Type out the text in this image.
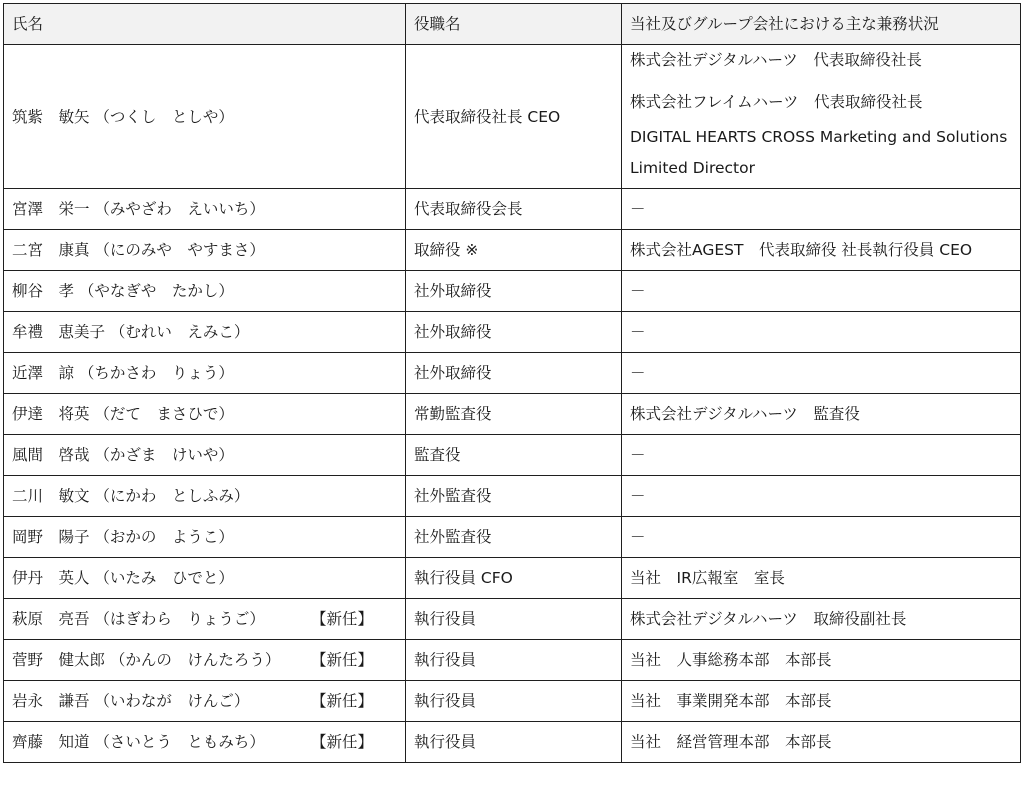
氏名	役職名	当社及びグループ会社における主な兼務状況
筑紫　敏矢 （つくし　としや）	代表取締役社長 CEO	株式会社デジタルハーツ　代表取締役社長
株式会社フレイムハーツ　代表取締役社長
DIGITAL HEARTS CROSS Marketing and Solutions Limited Director

宮澤　栄一 （みやざわ　えいいち）	代表取締役会長	－
二宮　康真 （にのみや　やすまさ）	取締役 ※	株式会社AGEST　代表取締役 社長執行役員 CEO
柳谷　孝 （やなぎや　たかし）	社外取締役	－
牟禮　恵美子 （むれい　えみこ）	社外取締役	－
近澤　諒 （ちかさわ　りょう）	社外取締役	－
伊達　将英 （だて　まさひで）	常勤監査役	株式会社デジタルハーツ　監査役
風間　啓哉 （かざま　けいや）	監査役	－
二川　敏文 （にかわ　としふみ）	社外監査役	－
岡野　陽子 （おかの　ようこ）	社外監査役	－
伊丹　英人 （いたみ　ひでと）	執行役員 CFO	当社　IR広報室　室長
萩原　亮吾 （はぎわら　りょうご） 【新任】	執行役員	株式会社デジタルハーツ　取締役副社長
菅野　健太郎 （かんの　けんたろう） 【新任】	執行役員	当社　人事総務本部　本部長
岩永　謙吾 （いわなが　けんご） 【新任】	執行役員	当社　事業開発本部　本部長
齊藤　知道 （さいとう　ともみち） 【新任】	執行役員	当社　経営管理本部　本部長
